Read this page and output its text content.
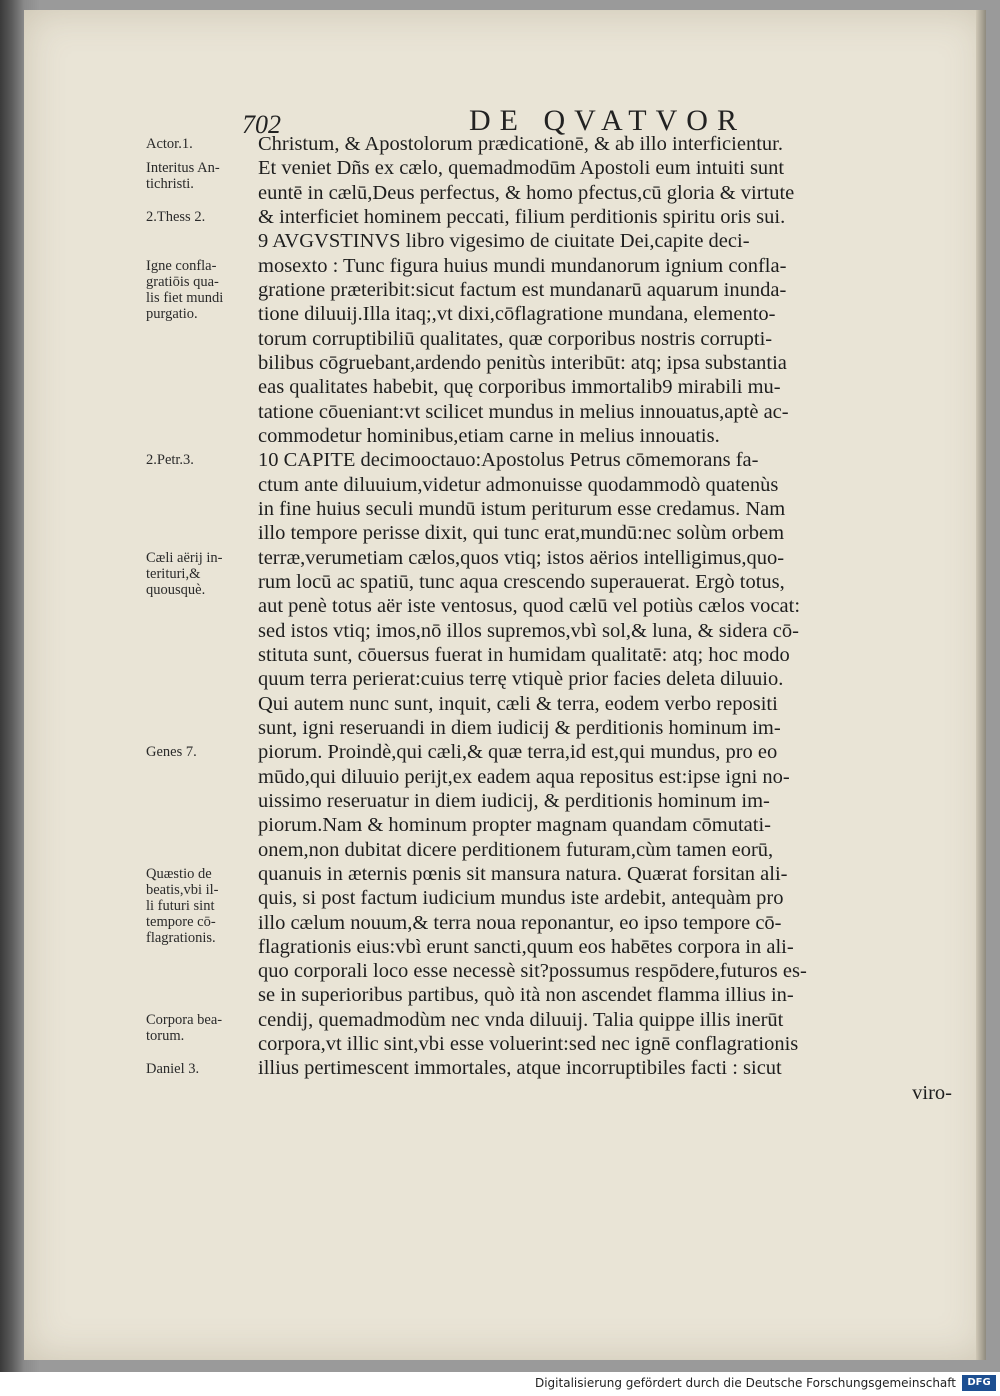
702	DE QVATVOR
Christum, & Apostolorum prædicationē, & ab illo interficientur.
Et veniet Dñs ex cælo, quemadmodūm Apostoli eum intuiti sunt
euntē in cælū,Deus perfectus, & homo pfectus,cū gloria & virtute
& interficiet hominem peccati, filium perditionis spiritu oris sui.
9 AVGVSTINVS libro vigesimo de ciuitate Dei,capite deci-
mosexto : Tunc figura huius mundi mundanorum ignium confla-
gratione præteribit:sicut factum est mundanarū aquarum inunda-
tione diluuij.Illa itaq;,vt dixi,cōflagratione mundana, elemento-
torum corruptibiliū qualitates, quæ corporibus nostris corrupti-
bilibus cōgruebant,ardendo penitùs interibūt: atq; ipsa substantia
eas qualitates habebit, quę corporibus immortalib9 mirabili mu-
tatione cōueniant:vt scilicet mundus in melius innouatus,aptè ac-
commodetur hominibus,etiam carne in melius innouatis.
10 CAPITE decimooctauo:Apostolus Petrus cōmemorans fa-
ctum ante diluuium,videtur admonuisse quodammodò quatenùs
in fine huius seculi mundū istum periturum esse credamus. Nam
illo tempore perisse dixit, qui tunc erat,mundū:nec solùm orbem
terræ,verumetiam cælos,quos vtiq; istos aërios intelligimus,quo-
rum locū ac spatiū, tunc aqua crescendo superauerat. Ergò totus,
aut penè totus aër iste ventosus, quod cælū vel potiùs cælos vocat:
sed istos vtiq; imos,nō illos supremos,vbì sol,& luna, & sidera cō-
stituta sunt, cōuersus fuerat in humidam qualitatē: atq; hoc modo
quum terra perierat:cuius terrę vtiquè prior facies deleta diluuio.
Qui autem nunc sunt, inquit, cæli & terra, eodem verbo repositi
sunt, igni reseruandi in diem iudicij & perditionis hominum im-
piorum. Proindè,qui cæli,& quæ terra,id est,qui mundus, pro eo
mūdo,qui diluuio perijt,ex eadem aqua repositus est:ipse igni no-
uissimo reseruatur in diem iudicij, & perditionis hominum im-
piorum.Nam & hominum propter magnam quandam cōmutati-
onem,non dubitat dicere perditionem futuram,cùm tamen eorū,
quanuis in æternis pœnis sit mansura natura. Quærat forsitan ali-
quis, si post factum iudicium mundus iste ardebit, antequàm pro
illo cælum nouum,& terra noua reponantur, eo ipso tempore cō-
flagrationis eius:vbì erunt sancti,quum eos habētes corpora in ali-
quo corporali loco esse necessè sit?possumus respōdere,futuros es-
se in superioribus partibus, quò ità non ascendet flamma illius in-
cendij, quemadmodùm nec vnda diluuij. Talia quippe illis inerūt
corpora,vt illic sint,vbi esse voluerint:sed nec ignē conflagrationis
illius pertimescent immortales, atque incorruptibiles facti : sicut
viro-
Actor.1.
Interitus An-
tichristi.
2.Thess 2.
Igne confla-
gratiōis qua-
lis fiet mundi
purgatio.
2.Petr.3.
Cæli aërij in-
terituri,&
quousquè.
Genes 7.
Quæstio de
beatis,vbi il-
li futuri sint
tempore cō-
flagrationis.
Corpora bea-
torum.
Daniel 3.
Digitalisierung gefördert durch die Deutsche Forschungsgemeinschaft	DFG
